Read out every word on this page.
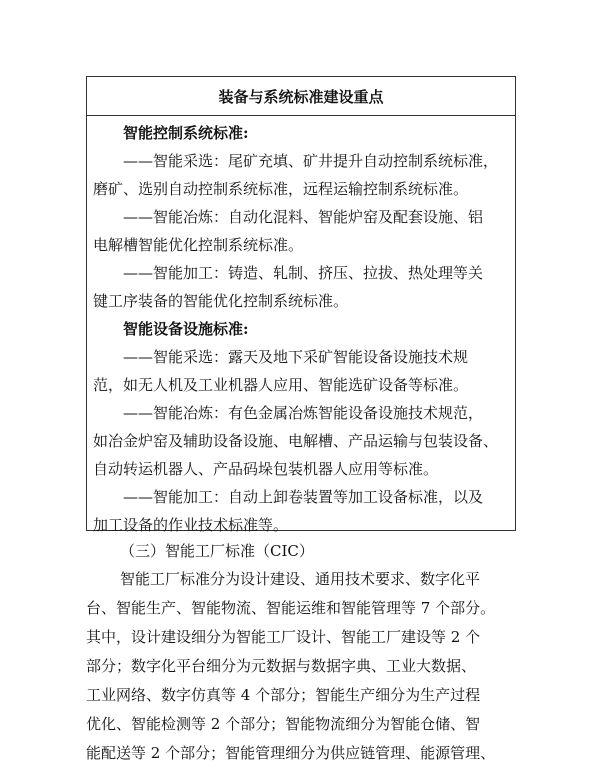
装备与系统标准建设重点
智能控制系统标准:
——智能采选：尾矿充填、矿井提升自动控制系统标准，
磨矿、选别自动控制系统标准，远程运输控制系统标准。
——智能冶炼：自动化混料、智能炉窑及配套设施、铝
电解槽智能优化控制系统标准。
——智能加工：铸造、轧制、挤压、拉拔、热处理等关
键工序装备的智能优化控制系统标准。
智能设备设施标准:
——智能采选：露天及地下采矿智能设备设施技术规
范，如无人机及工业机器人应用、智能选矿设备等标准。
——智能冶炼：有色金属冶炼智能设备设施技术规范，
如冶金炉窑及辅助设备设施、电解槽、产品运输与包装设备、
自动转运机器人、产品码垛包装机器人应用等标准。
——智能加工：自动上卸卷装置等加工设备标准，以及
加工设备的作业技术标准等。
（三）智能工厂标准（CIC）
智能工厂标准分为设计建设、通用技术要求、数字化平
台、智能生产、智能物流、智能运维和智能管理等 7 个部分。
其中，设计建设细分为智能工厂设计、智能工厂建设等 2 个
部分；数字化平台细分为元数据与数据字典、工业大数据、
工业网络、数字仿真等 4 个部分；智能生产细分为生产过程
优化、智能检测等 2 个部分；智能物流细分为智能仓储、智
能配送等 2 个部分；智能管理细分为供应链管理、能源管理、
